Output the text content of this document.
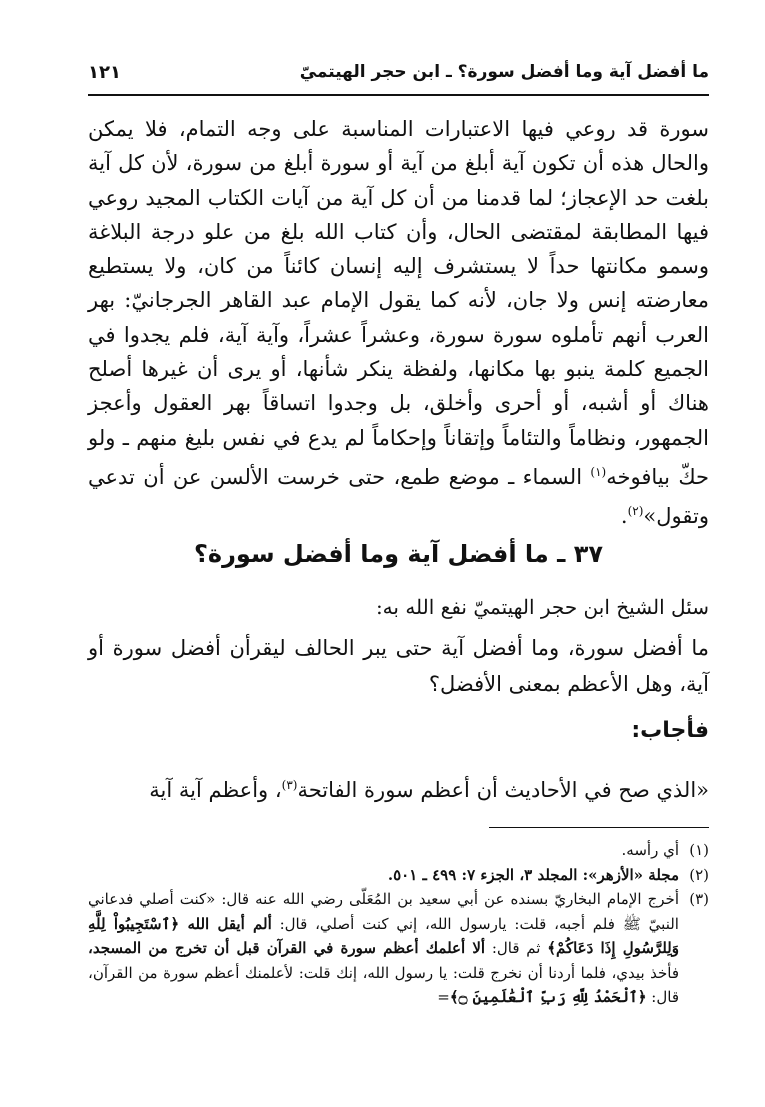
ما أفضل آية وما أفضل سورة؟ ـ ابن حجر الهيتميّ
١٢١

سورة قد روعي فيها الاعتبارات المناسبة على وجه التمام، فلا يمكن والحال هذه أن تكون آية أبلغ من آية أو سورة أبلغ من سورة، لأن كل آية بلغت حد الإعجاز؛ لما قدمنا من أن كل آية من آيات الكتاب المجيد روعي فيها المطابقة لمقتضى الحال، وأن كتاب الله بلغ من علو درجة البلاغة وسمو مكانتها حداً لا يستشرف إليه إنسان كائناً من كان، ولا يستطيع معارضته إنس ولا جان، لأنه كما يقول الإمام عبد القاهر الجرجانيّ: بهر العرب أنهم تأملوه سورة سورة، وعشراً عشراً، وآية آية، فلم يجدوا في الجميع كلمة ينبو بها مكانها، ولفظة ينكر شأنها، أو يرى أن غيرها أصلح هناك أو أشبه، أو أحرى وأخلق، بل وجدوا اتساقاً بهر العقول وأعجز الجمهور، ونظاماً والتئاماً وإتقاناً وإحكاماً لم يدع في نفس بليغ منهم ـ ولو حكّ بيافوخه$^{(١)}$ السماء ـ موضع طمع، حتى خرست الألسن عن أن تدعي وتقول»$^{(٢)}$.

٣٧ ـ ما أفضل آية وما أفضل سورة؟
سئل الشيخ ابن حجر الهيتميّ نفع الله به:
ما أفضل سورة، وما أفضل آية حتى يبر الحالف ليقرأن أفضل سورة أو آية، وهل الأعظم بمعنى الأفضل؟
فأجاب:
«الذي صح في الأحاديث أن أعظم سورة الفاتحة$^{(٣)}$، وأعظم آية آية
(١)
أي رأسه.
(٢)
مجلة «الأزهر»: المجلد ٣، الجزء ٧: ٤٩٩ ـ ٥٠١.
(٣)
أخرج الإمام البخاريّ بسنده عن أبي سعيد بن المُعَلّى رضي الله عنه قال: «كنت أصلي فدعاني النبيّ ﷺ فلم أجبه، قلت: يارسول الله، إني كنت أصلي، قال: ألم أيقل الله ﴿ٱسْتَجِيبُواْ لِلَّهِ وَلِلرَّسُولِ إِذَا دَعَاكُمْ﴾ ثم قال: ألا أعلمك أعظم سورة في القرآن قبل أن تخرج من المسجد، فأخذ بيدي، فلما أردنا أن نخرج قلت: يا رسول الله، إنك قلت: لأعلمنك أعظم سورة من القرآن، قال: ﴿ٱلْحَمْدُ لِلَّهِ رَبِّ ٱلْعَٰلَمِينَ ۝﴾=
